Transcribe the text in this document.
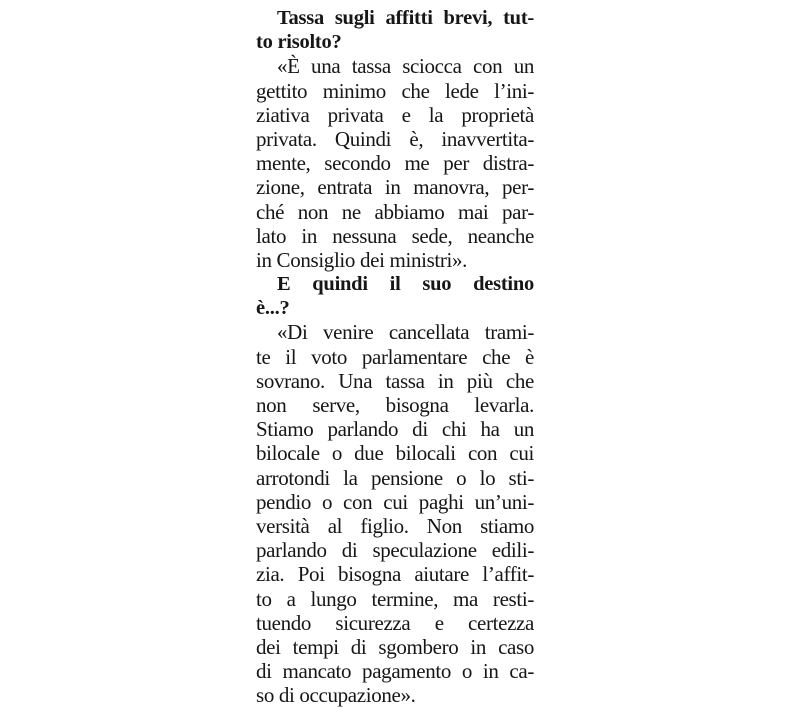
Tassa sugli affitti brevi, tut-
to risolto?
«È una tassa sciocca con un
gettito minimo che lede l’ini-
ziativa privata e la proprietà
privata. Quindi è, inavvertita-
mente, secondo me per distra-
zione, entrata in manovra, per-
ché non ne abbiamo mai par-
lato in nessuna sede, neanche
in Consiglio dei ministri».
E quindi il suo destino
è...?
«Di venire cancellata trami-
te il voto parlamentare che è
sovrano. Una tassa in più che
non serve, bisogna levarla.
Stiamo parlando di chi ha un
bilocale o due bilocali con cui
arrotondi la pensione o lo sti-
pendio o con cui paghi un’uni-
versità al figlio. Non stiamo
parlando di speculazione edili-
zia. Poi bisogna aiutare l’affit-
to a lungo termine, ma resti-
tuendo sicurezza e certezza
dei tempi di sgombero in caso
di mancato pagamento o in ca-
so di occupazione».
